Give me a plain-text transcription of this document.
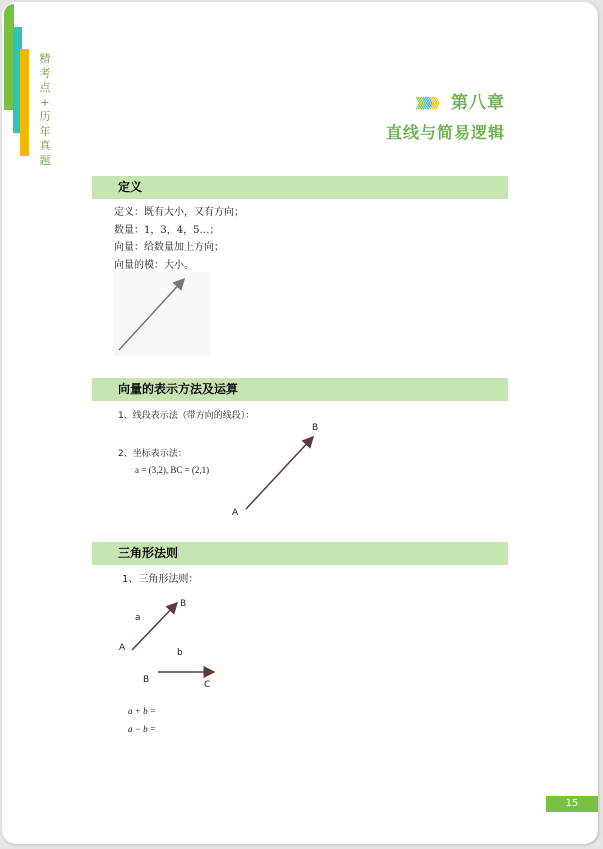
精
考
点
+
历
年
真
题
》》》》》》 第八章
直线与简易逻辑
定义
定义：既有大小，又有方向；
数量：1，3，4，5…；
向量：给数量加上方向；
向量的模：大小。
向量的表示方法及运算
1、线段表示法（带方向的线段）：
2、坐标表示法：
a = (3,2), BC = (2,1)
B
A
三角形法则
1、三角形法则：
B
a
A	b
B	C
a + b =
a − b =
15
